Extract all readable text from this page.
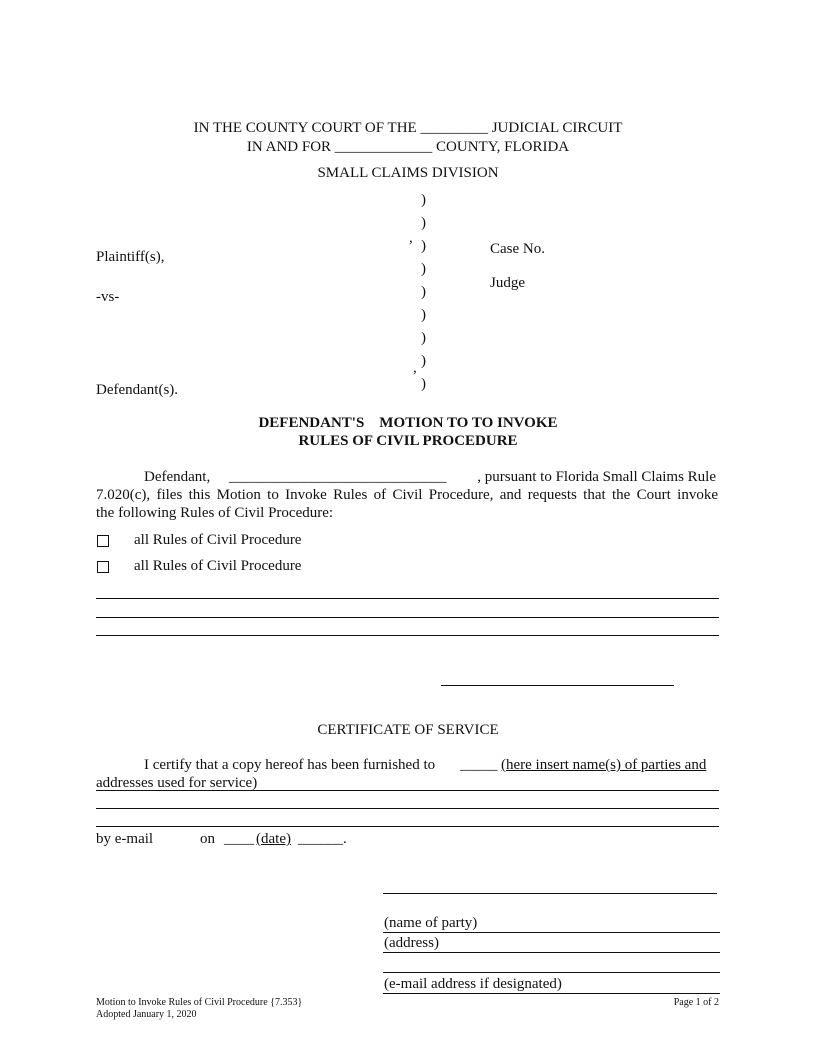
IN THE COUNTY COURT OF THE _________ JUDICIAL CIRCUIT
IN AND FOR _____________ COUNTY, FLORIDA
SMALL CLAIMS DIVISION
)
)
)
)
)
)
)
)
)
,
,
Plaintiff(s),
-vs-
Defendant(s).
Case No.
Judge
DEFENDANT'S    MOTION TO TO INVOKE
RULES OF CIVIL PROCEDURE
Defendant, _____________________________ , pursuant to Florida Small Claims Rule
7.020(c), files this Motion to Invoke Rules of Civil Procedure, and requests that the Court invoke
the following Rules of Civil Procedure:
all Rules of Civil Procedure
all Rules of Civil Procedure
CERTIFICATE OF SERVICE
I certify that a copy hereof has been furnished to _____ (here insert name(s) of parties and
addresses used for service)
by e-mail	on ____ (date) ______.
(name of party)
(address)
(e-mail address if designated)
Motion to Invoke Rules of Civil Procedure {7.353}
Adopted January 1, 2020
Page 1 of 2
